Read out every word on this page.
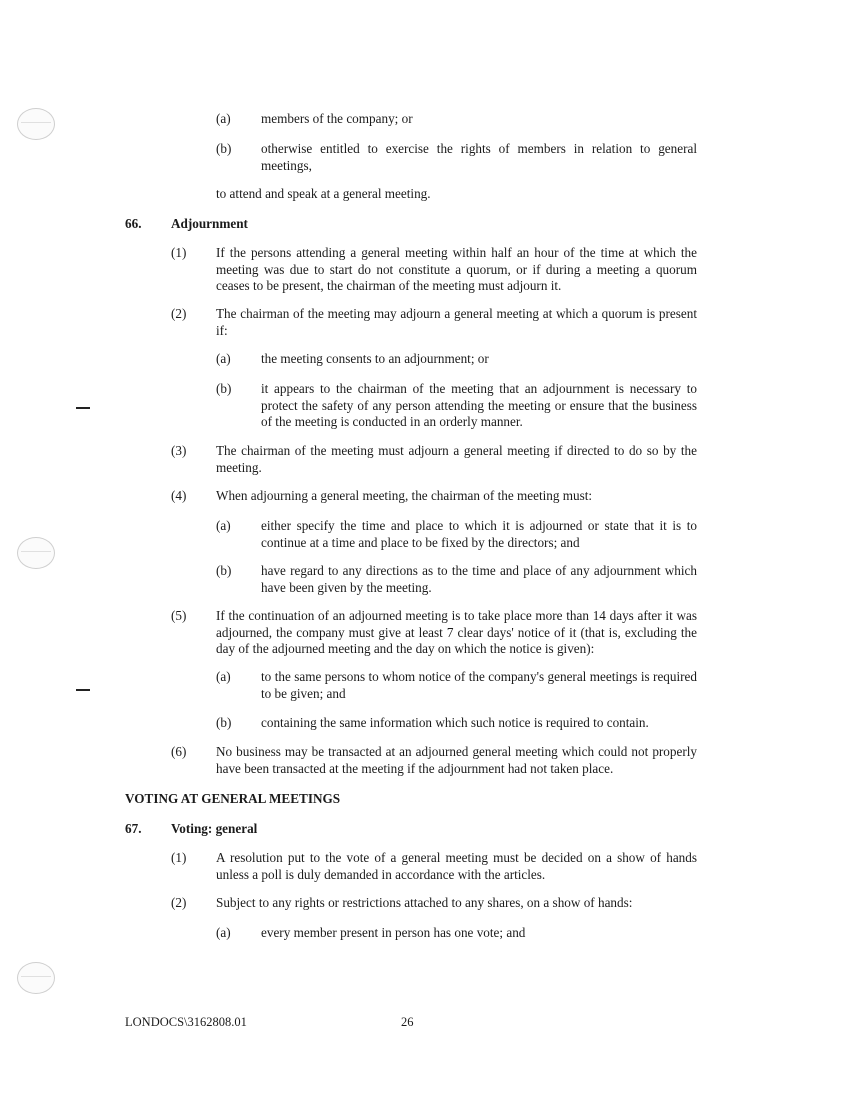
(a) members of the company; or
(b) otherwise entitled to exercise the rights of members in relation to general meetings,
to attend and speak at a general meeting.
66. Adjournment
(1) If the persons attending a general meeting within half an hour of the time at which the meeting was due to start do not constitute a quorum, or if during a meeting a quorum ceases to be present, the chairman of the meeting must adjourn it.
(2) The chairman of the meeting may adjourn a general meeting at which a quorum is present if:
(a) the meeting consents to an adjournment; or
(b) it appears to the chairman of the meeting that an adjournment is necessary to protect the safety of any person attending the meeting or ensure that the business of the meeting is conducted in an orderly manner.
(3) The chairman of the meeting must adjourn a general meeting if directed to do so by the meeting.
(4) When adjourning a general meeting, the chairman of the meeting must:
(a) either specify the time and place to which it is adjourned or state that it is to continue at a time and place to be fixed by the directors; and
(b) have regard to any directions as to the time and place of any adjournment which have been given by the meeting.
(5) If the continuation of an adjourned meeting is to take place more than 14 days after it was adjourned, the company must give at least 7 clear days' notice of it (that is, excluding the day of the adjourned meeting and the day on which the notice is given):
(a) to the same persons to whom notice of the company's general meetings is required to be given; and
(b) containing the same information which such notice is required to contain.
(6) No business may be transacted at an adjourned general meeting which could not properly have been transacted at the meeting if the adjournment had not taken place.
VOTING AT GENERAL MEETINGS
67. Voting: general
(1) A resolution put to the vote of a general meeting must be decided on a show of hands unless a poll is duly demanded in accordance with the articles.
(2) Subject to any rights or restrictions attached to any shares, on a show of hands:
(a) every member present in person has one vote; and
LONDOCS\3162808.01	26
